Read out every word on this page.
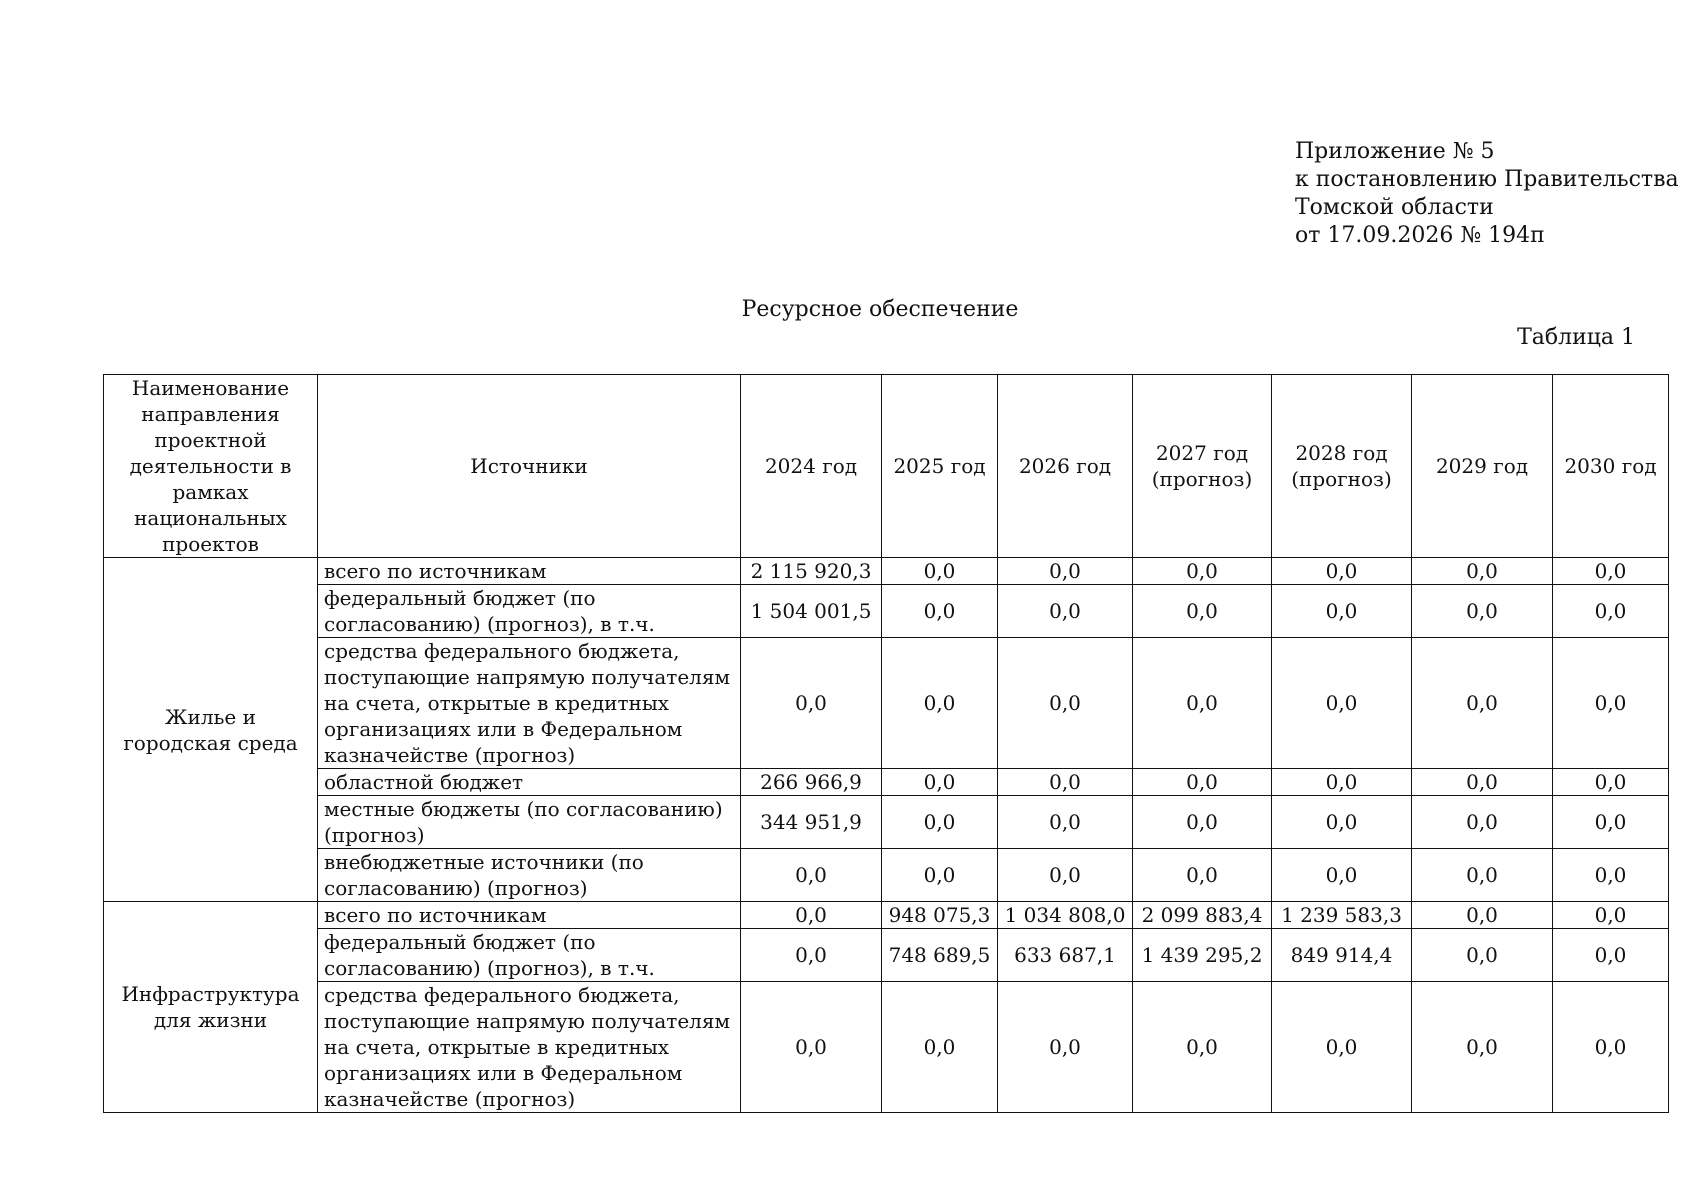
Приложение № 5
к постановлению Правительства
Томской области
от 17.09.2026 № 194п
Ресурсное обеспечение
Таблица 1
Наименование направления проектной деятельности в рамках национальных проектов	Источники	2024 год	2025 год	2026 год	2027 год (прогноз)	2028 год (прогноз)	2029 год	2030 год
Жилье и городская среда	всего по источникам	2 115 920,3	0,0	0,0	0,0	0,0	0,0	0,0
	федеральный бюджет (по согласованию) (прогноз), в т.ч.	1 504 001,5	0,0	0,0	0,0	0,0	0,0	0,0
	средства федерального бюджета, поступающие напрямую получателям на счета, открытые в кредитных организациях или в Федеральном казначействе (прогноз)	0,0	0,0	0,0	0,0	0,0	0,0	0,0
	областной бюджет	266 966,9	0,0	0,0	0,0	0,0	0,0	0,0
	местные бюджеты (по согласованию) (прогноз)	344 951,9	0,0	0,0	0,0	0,0	0,0	0,0
	внебюджетные источники (по согласованию) (прогноз)	0,0	0,0	0,0	0,0	0,0	0,0	0,0
Инфраструктура для жизни	всего по источникам	0,0	948 075,3	1 034 808,0	2 099 883,4	1 239 583,3	0,0	0,0
	федеральный бюджет (по согласованию) (прогноз), в т.ч.	0,0	748 689,5	633 687,1	1 439 295,2	849 914,4	0,0	0,0
	средства федерального бюджета, поступающие напрямую получателям на счета, открытые в кредитных организациях или в Федеральном казначействе (прогноз)	0,0	0,0	0,0	0,0	0,0	0,0	0,0
